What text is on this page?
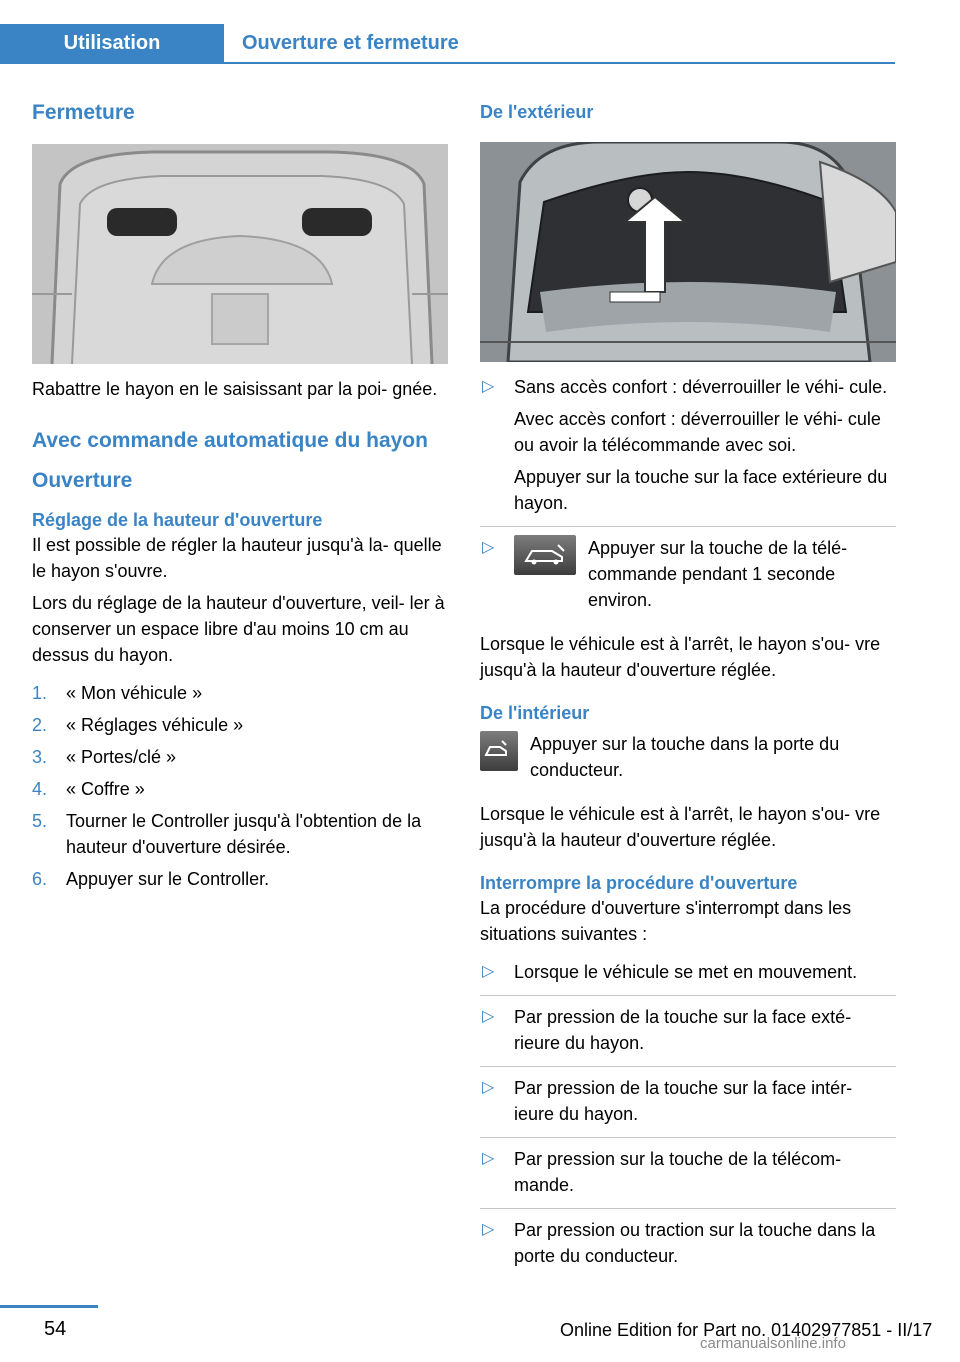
Utilisation	Ouverture et fermeture
Fermeture

Rabattre le hayon en le saisissant par la poi- gnée.

Avec commande automatique du hayon
Ouverture
Réglage de la hauteur d'ouverture

Il est possible de régler la hauteur jusqu'à la- quelle le hayon s'ouvre.

Lors du réglage de la hauteur d'ouverture, veil- ler à conserver un espace libre d'au moins 10 cm au dessus du hayon.

1. « Mon véhicule »
2. « Réglages véhicule »
3. « Portes/clé »
4. « Coffre »
5. Tourner le Controller jusqu'à l'obtention de la hauteur d'ouverture désirée.
6. Appuyer sur le Controller.
De l'extérieur
▷ Sans accès confort : déverrouiller le véhi- cule.

Avec accès confort : déverrouiller le véhi- cule ou avoir la télécommande avec soi.

Appuyer sur la touche sur la face extérieure du hayon.

▷	Appuyer sur la touche de la télé- commande pendant 1 seconde environ.

Lorsque le véhicule est à l'arrêt, le hayon s'ou- vre jusqu'à la hauteur d'ouverture réglée.

De l'intérieur

Appuyer sur la touche dans la porte du conducteur.

Lorsque le véhicule est à l'arrêt, le hayon s'ou- vre jusqu'à la hauteur d'ouverture réglée.

Interrompre la procédure d'ouverture

La procédure d'ouverture s'interrompt dans les situations suivantes :

▷ Lorsque le véhicule se met en mouvement.
▷ Par pression de la touche sur la face exté- rieure du hayon.
▷ Par pression de la touche sur la face intér- ieure du hayon.
▷ Par pression sur la touche de la télécom- mande.
▷ Par pression ou traction sur la touche dans la porte du conducteur.
54	Online Edition for Part no. 01402977851 - II/17
carmanualsonline.info
